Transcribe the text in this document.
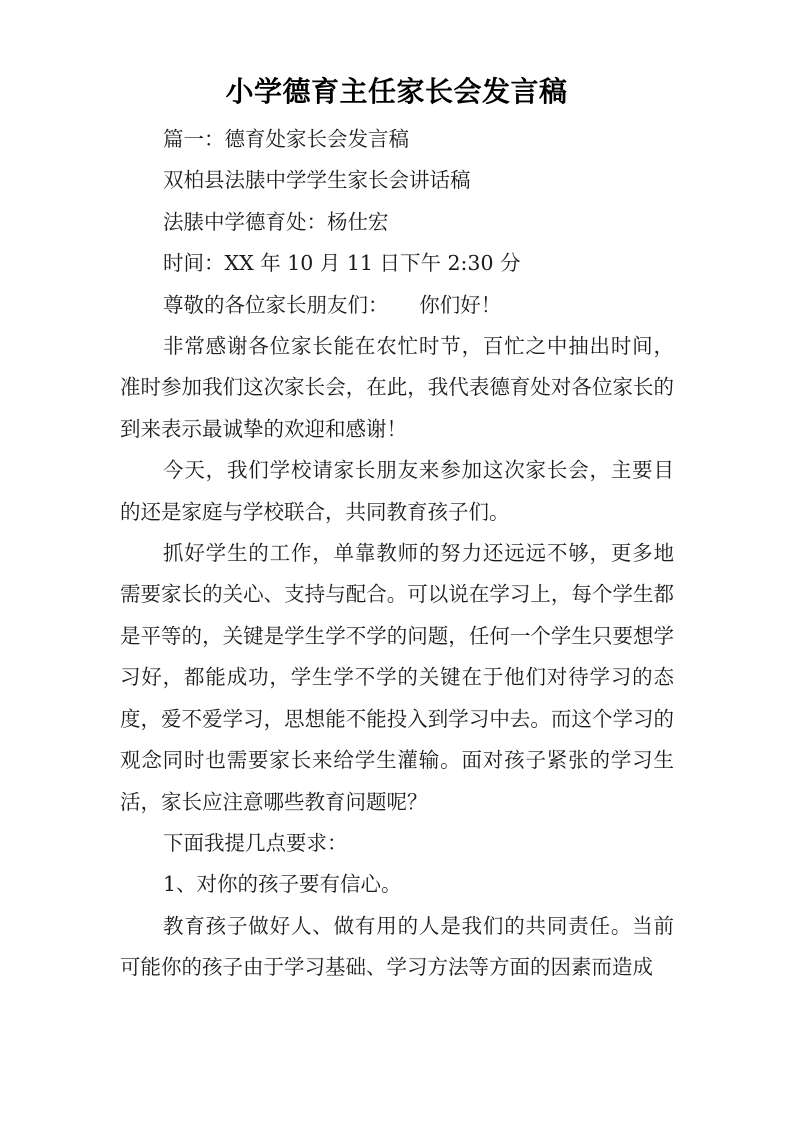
小学德育主任家长会发言稿

篇一：德育处家长会发言稿

双柏县法脿中学学生家长会讲话稿

法脿中学德育处：杨仕宏

时间：XX 年 10 月 11 日下午 2:30 分

尊敬的各位家长朋友们：　　你们好！

非常感谢各位家长能在农忙时节，百忙之中抽出时间，准时参加我们这次家长会，在此，我代表德育处对各位家长的到来表示最诚挚的欢迎和感谢！

今天，我们学校请家长朋友来参加这次家长会，主要目的还是家庭与学校联合，共同教育孩子们。

抓好学生的工作，单靠教师的努力还远远不够，更多地需要家长的关心、支持与配合。可以说在学习上，每个学生都是平等的，关键是学生学不学的问题，任何一个学生只要想学习好，都能成功，学生学不学的关键在于他们对待学习的态度，爱不爱学习，思想能不能投入到学习中去。而这个学习的观念同时也需要家长来给学生灌输。面对孩子紧张的学习生活，家长应注意哪些教育问题呢？

下面我提几点要求：

1、对你的孩子要有信心。

教育孩子做好人、做有用的人是我们的共同责任。当前可能你的孩子由于学习基础、学习方法等方面的因素而造成
